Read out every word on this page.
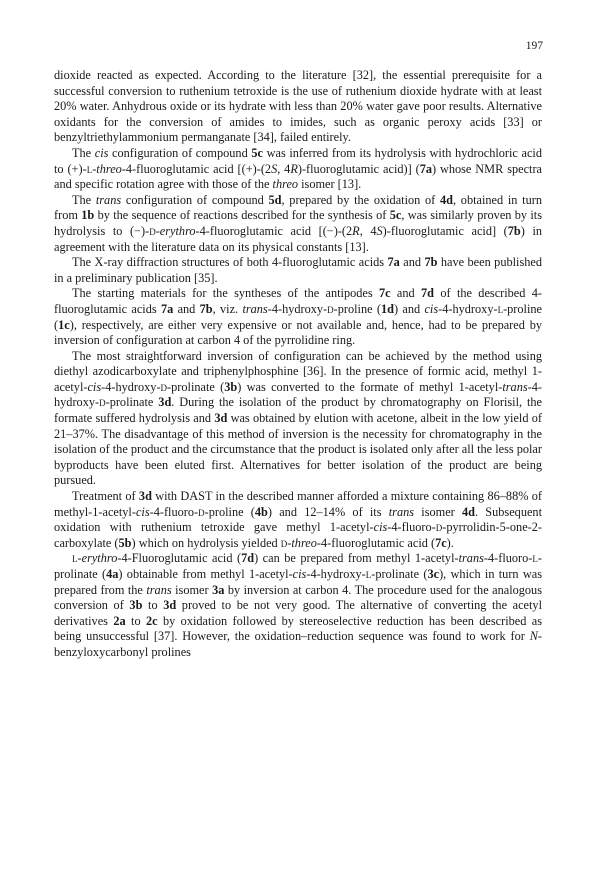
197

dioxide reacted as expected. According to the literature [32], the essential prerequisite for a successful conversion to ruthenium tetroxide is the use of ruthenium dioxide hydrate with at least 20% water. Anhydrous oxide or its hydrate with less than 20% water gave poor results. Alternative oxidants for the conversion of amides to imides, such as organic peroxy acids [33] or benzyltriethylammonium permanganate [34], failed entirely.

The cis configuration of compound 5c was inferred from its hydrolysis with hydrochloric acid to (+)-l-threo-4-fluoroglutamic acid [(+)-(2S, 4R)-fluoroglutamic acid)] (7a) whose NMR spectra and specific rotation agree with those of the threo isomer [13].

The trans configuration of compound 5d, prepared by the oxidation of 4d, obtained in turn from 1b by the sequence of reactions described for the synthesis of 5c, was similarly proven by its hydrolysis to (−)-d-erythro-4-fluoroglutamic acid [(−)-(2R, 4S)-fluoroglutamic acid] (7b) in agreement with the literature data on its physical constants [13].

The X-ray diffraction structures of both 4-fluoroglutamic acids 7a and 7b have been published in a preliminary publication [35].

The starting materials for the syntheses of the antipodes 7c and 7d of the described 4-fluoroglutamic acids 7a and 7b, viz. trans-4-hydroxy-d-proline (1d) and cis-4-hydroxy-l-proline (1c), respectively, are either very expensive or not available and, hence, had to be prepared by inversion of configuration at carbon 4 of the pyrrolidine ring.

The most straightforward inversion of configuration can be achieved by the method using diethyl azodicarboxylate and triphenylphosphine [36]. In the presence of formic acid, methyl 1-acetyl-cis-4-hydroxy-d-prolinate (3b) was converted to the formate of methyl 1-acetyl-trans-4-hydroxy-d-prolinate 3d. During the isolation of the product by chromatography on Florisil, the formate suffered hydrolysis and 3d was obtained by elution with acetone, albeit in the low yield of 21–37%. The disadvantage of this method of inversion is the necessity for chromatography in the isolation of the product and the circumstance that the product is isolated only after all the less polar byproducts have been eluted first. Alternatives for better isolation of the product are being pursued.

Treatment of 3d with DAST in the described manner afforded a mixture containing 86–88% of methyl-1-acetyl-cis-4-fluoro-d-proline (4b) and 12–14% of its trans isomer 4d. Subsequent oxidation with ruthenium tetroxide gave methyl 1-acetyl-cis-4-fluoro-d-pyrrolidin-5-one-2-carboxylate (5b) which on hydrolysis yielded d-threo-4-fluoroglutamic acid (7c).

l-erythro-4-Fluoroglutamic acid (7d) can be prepared from methyl 1-acetyl-trans-4-fluoro-l-prolinate (4a) obtainable from methyl 1-acetyl-cis-4-hydroxy-l-prolinate (3c), which in turn was prepared from the trans isomer 3a by inversion at carbon 4. The procedure used for the analogous conversion of 3b to 3d proved to be not very good. The alternative of converting the acetyl derivatives 2a to 2c by oxidation followed by stereoselective reduction has been described as being unsuccessful [37]. However, the oxidation–reduction sequence was found to work for N-benzyloxycarbonyl prolines
